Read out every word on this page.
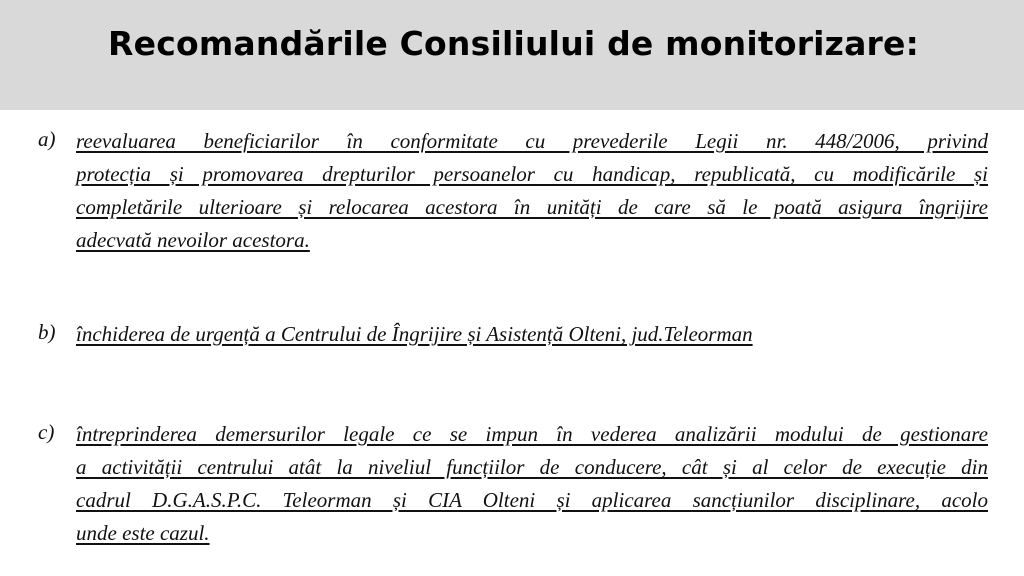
Recomandările Consiliului de monitorizare:
a) reevaluarea beneficiarilor în conformitate cu prevederile Legii nr. 448/2006, privind
protecția și promovarea drepturilor persoanelor cu handicap, republicată, cu modificările și
completările ulterioare și relocarea acestora în unități de care să le poată asigura îngrijire
adecvată nevoilor acestora.
b) închiderea de urgență a Centrului de Îngrijire și Asistență Olteni, jud.Teleorman
c) întreprinderea demersurilor legale ce se impun în vederea analizării modului de gestionare
a activității centrului atât la niveliul funcțiilor de conducere, cât și al celor de execuție din
cadrul D.G.A.S.P.C. Teleorman și CIA Olteni și aplicarea sancțiunilor disciplinare, acolo
unde este cazul.
